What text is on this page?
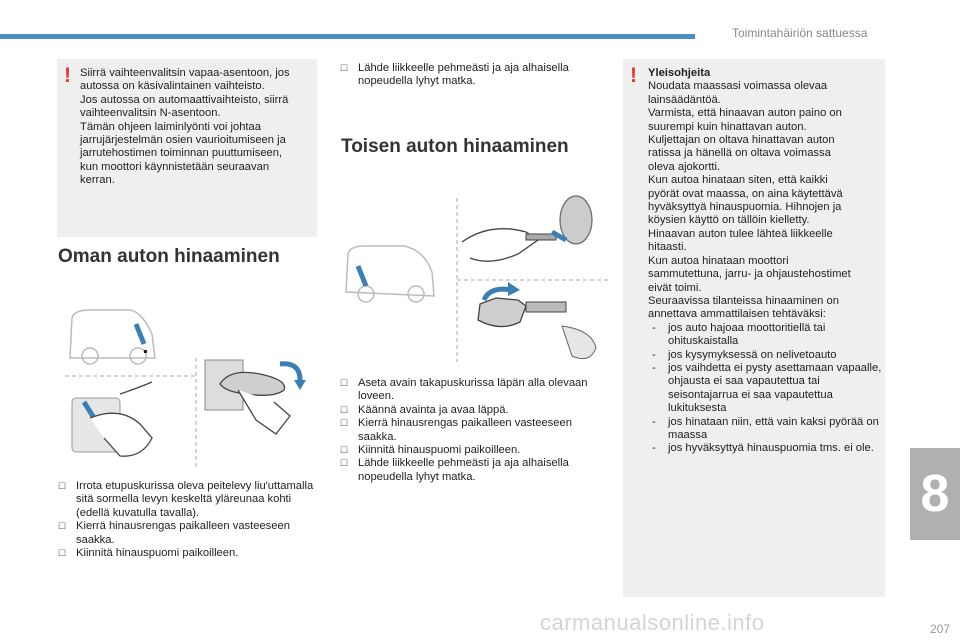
Toimintahäiriön sattuessa
8
! Siirrä vaihteenvalitsin vapaa-asentoon, jos
autossa on käsivalintainen vaihteisto.
Jos autossa on automaattivaihteisto, siirrä
vaihteenvalitsin N-asentoon.
Tämän ohjeen laiminlyönti voi johtaa
jarrujärjestelmän osien vaurioitumiseen ja
jarrutehostimen toiminnan puuttumiseen,
kun moottori käynnistetään seuraavan
kerran.
Oman auton hinaaminen
☐ Irrota etupuskurissa oleva peitelevy liu'uttamalla sitä sormella levyn keskeltä yläreunaa kohti (edellä kuvatulla tavalla).
☐ Kierrä hinausrengas paikalleen vasteeseen saakka.
☐ Kiinnitä hinauspuomi paikoilleen.
☐ Lähde liikkeelle pehmeästi ja aja alhaisella nopeudella lyhyt matka.
Toisen auton hinaaminen
☐ Aseta avain takapuskurissa läpän alla olevaan loveen.
☐ Käännä avainta ja avaa läppä.
☐ Kierrä hinausrengas paikalleen vasteeseen saakka.
☐ Kiinnitä hinauspuomi paikoilleen.
☐ Lähde liikkeelle pehmeästi ja aja alhaisella nopeudella lyhyt matka.
! Yleisohjeita
Noudata maassasi voimassa olevaa
lainsäädäntöä.
Varmista, että hinaavan auton paino on
suurempi kuin hinattavan auton.
Kuljettajan on oltava hinattavan auton
ratissa ja hänellä on oltava voimassa
oleva ajokortti.
Kun autoa hinataan siten, että kaikki
pyörät ovat maassa, on aina käytettävä
hyväksyttyä hinauspuomia. Hihnojen ja
köysien käyttö on tällöin kielletty.
Hinaavan auton tulee lähteä liikkeelle
hitaasti.
Kun autoa hinataan moottori
sammutettuna, jarru- ja ohjaustehostimet
eivät toimi.
Seuraavissa tilanteissa hinaaminen on
annettava ammattilaisen tehtäväksi:
- jos auto hajoaa moottoritiellä tai ohituskaistalla
- jos kysymyksessä on nelivetoauto
- jos vaihdetta ei pysty asettamaan vapaalle, ohjausta ei saa vapautettua tai seisontajarrua ei saa vapautettua lukituksesta
- jos hinataan niin, että vain kaksi pyörää on maassa
- jos hyväksyttyä hinauspuomia tms. ei ole.
207
carmanualsonline.info
